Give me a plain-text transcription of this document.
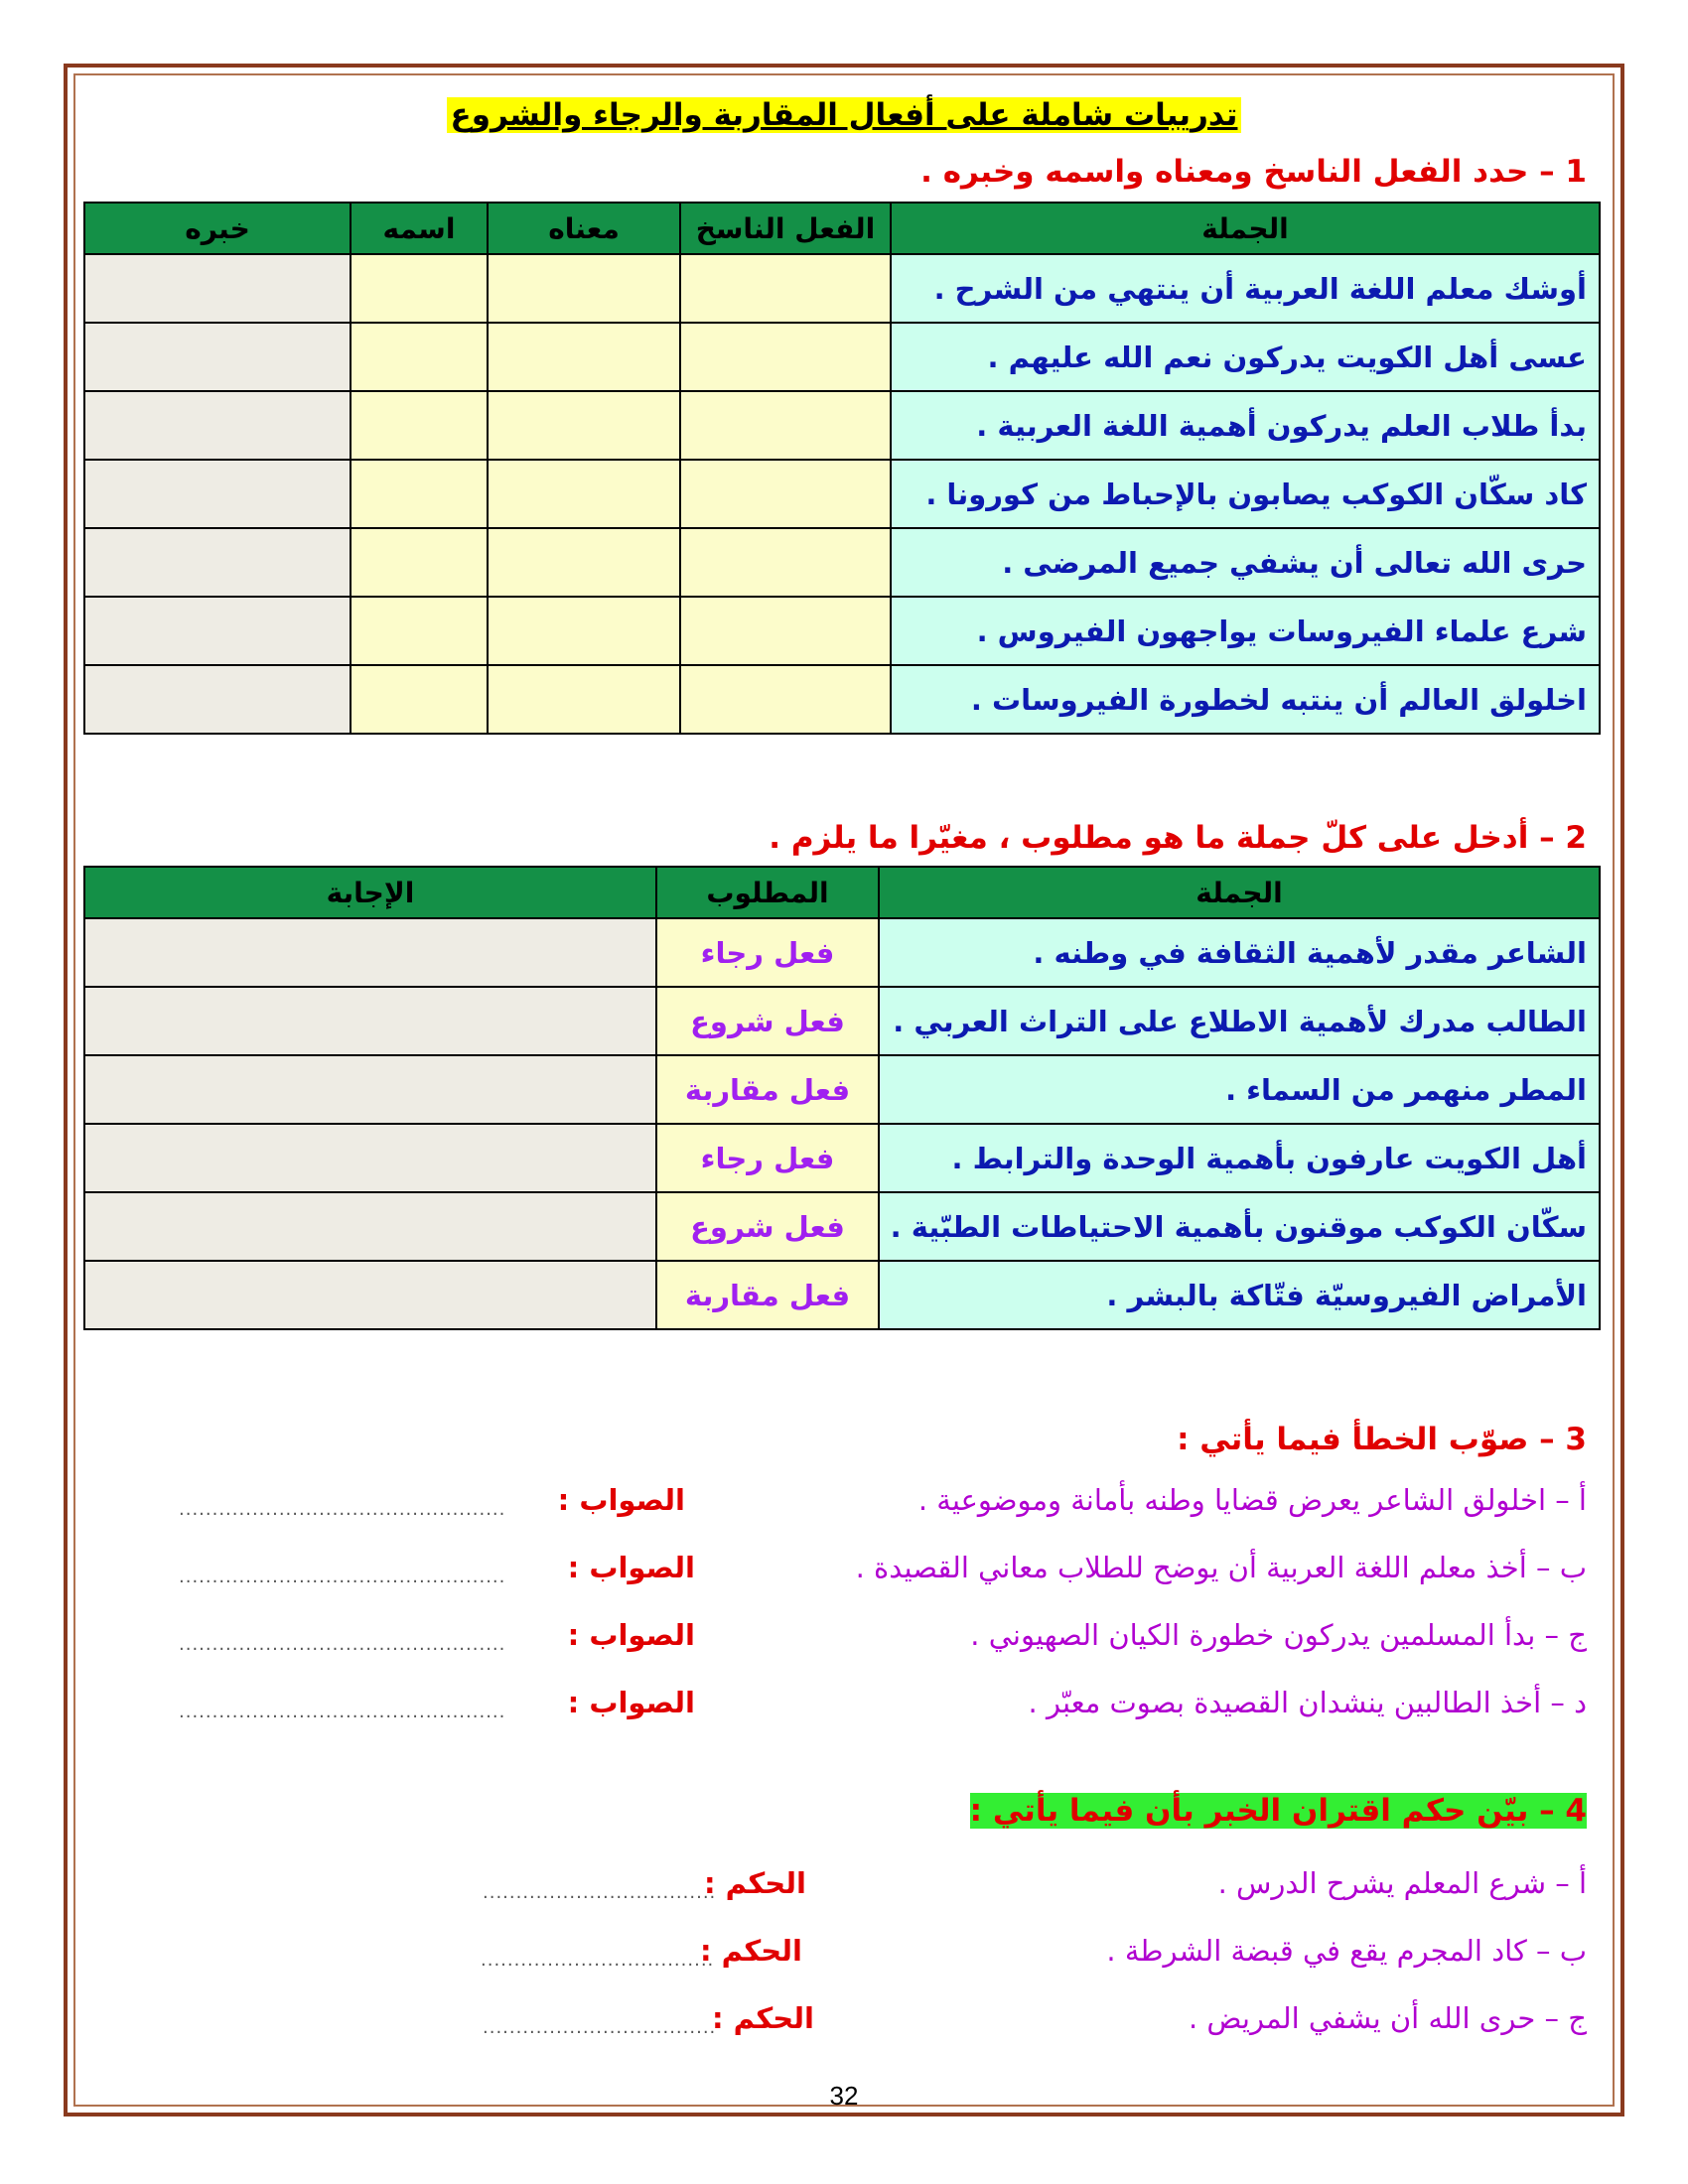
تدريبات شاملة على أفعال المقاربة والرجاء والشروع
1 – حدد الفعل الناسخ ومعناه واسمه وخبره .
الجملة	الفعل الناسخ	معناه	اسمه	خبره
أوشك معلم اللغة العربية أن ينتهي من الشرح .				
عسى أهل الكويت يدركون نعم الله عليهم .				
بدأ طلاب العلم يدركون أهمية اللغة العربية .				
كاد سكّان الكوكب يصابون بالإحباط من كورونا .				
حرى الله تعالى أن يشفي جميع المرضى .				
شرع علماء الفيروسات يواجهون الفيروس .				
اخلولق العالم أن ينتبه لخطورة الفيروسات .				
2 – أدخل على كلّ جملة ما هو مطلوب ، مغيّرا ما يلزم .
الجملة	المطلوب	الإجابة
الشاعر مقدر لأهمية الثقافة في وطنه .	فعل رجاء	
الطالب مدرك لأهمية الاطلاع على التراث العربي .	فعل شروع	
المطر منهمر من السماء .	فعل مقاربة	
أهل الكويت عارفون بأهمية الوحدة والترابط .	فعل رجاء	
سكّان الكوكب موقنون بأهمية الاحتياطات الطبّية .	فعل شروع	
الأمراض الفيروسيّة فتّاكة بالبشر .	فعل مقاربة	
3 – صوّب الخطأ فيما يأتي :
أ – اخلولق الشاعر يعرض قضايا وطنه بأمانة وموضوعية .
الصواب :
.................................................
ب – أخذ معلم اللغة العربية أن يوضح للطلاب معاني القصيدة .
الصواب :
.................................................
ج – بدأ المسلمين يدركون خطورة الكيان الصهيوني .
الصواب :
.................................................
د – أخذ الطالبين ينشدان القصيدة بصوت معبّر .
الصواب :
.................................................
4 – بيّن حكم اقتران الخبر بأن فيما يأتي :
أ – شرع المعلم يشرح الدرس .
الحكم :
...................................
ب – كاد المجرم يقع في قبضة الشرطة .
الحكم :
...................................
ج – حرى الله أن يشفي المريض .
الحكم :
...................................
32
